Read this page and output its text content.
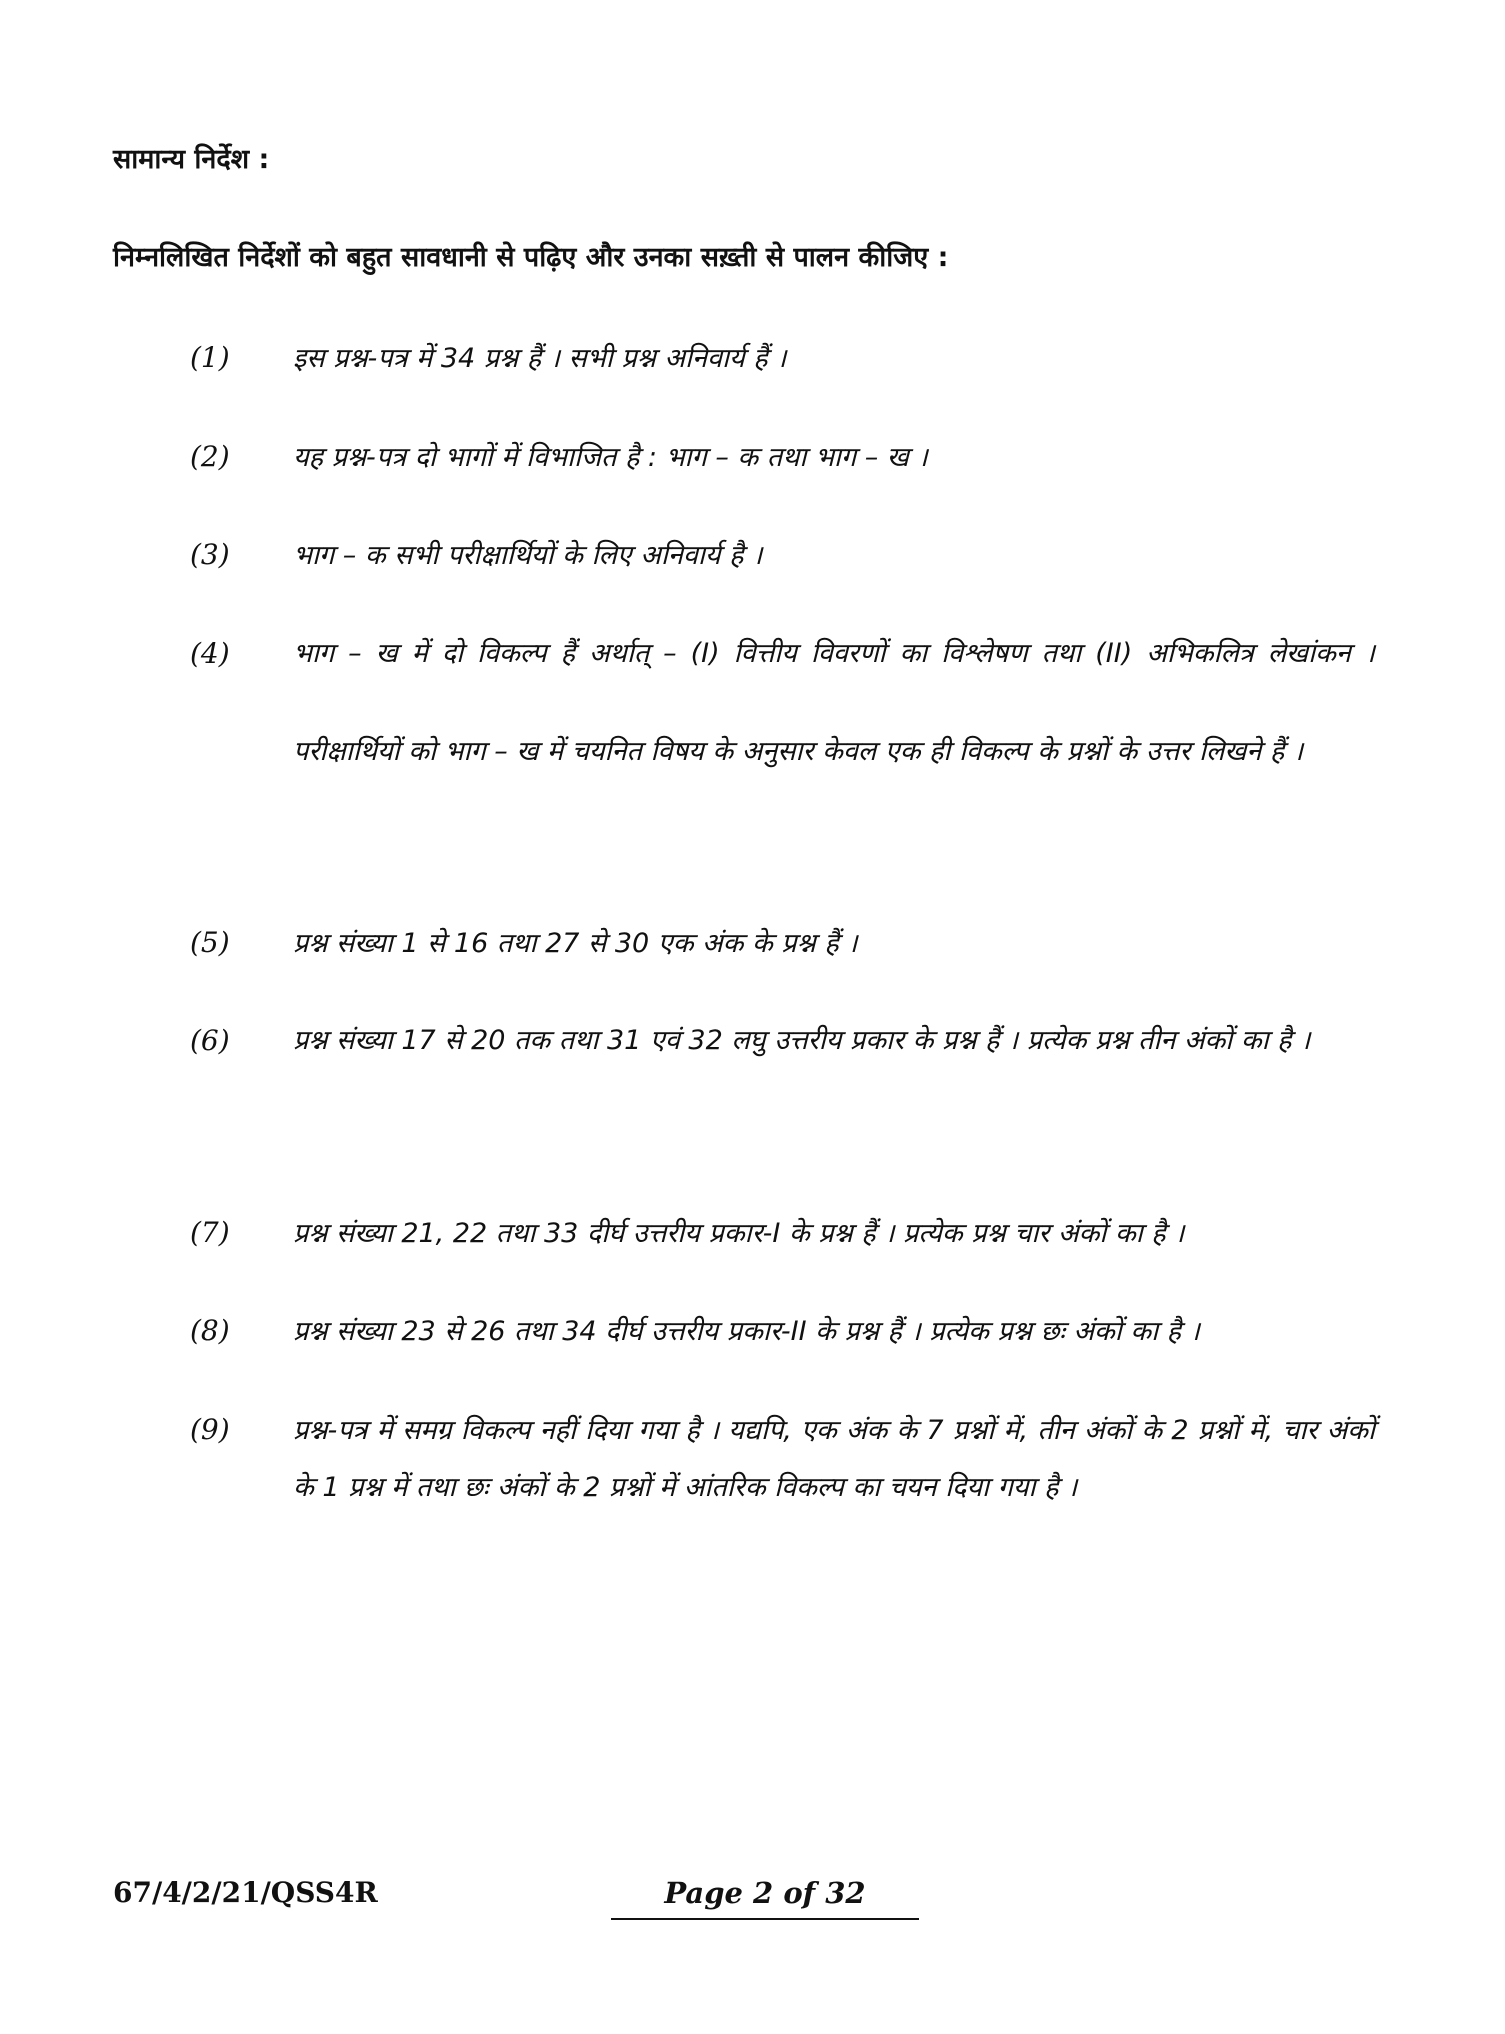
सामान्य निर्देश :
निम्नलिखित निर्देशों को बहुत सावधानी से पढ़िए और उनका सख़्ती से पालन कीजिए :
(1) इस प्रश्न-पत्र में 34 प्रश्न हैं । सभी प्रश्न अनिवार्य हैं ।
(2) यह प्रश्न-पत्र दो भागों में विभाजित है : भाग – क तथा भाग – ख ।
(3) भाग – क सभी परीक्षार्थियों के लिए अनिवार्य है ।
(4) भाग – ख में दो विकल्प हैं अर्थात् – (I) वित्तीय विवरणों का विश्लेषण तथा (II) अभिकलित्र लेखांकन । परीक्षार्थियों को भाग – ख में चयनित विषय के अनुसार केवल एक ही विकल्प के प्रश्नों के उत्तर लिखने हैं ।
(5) प्रश्न संख्या 1 से 16 तथा 27 से 30 एक अंक के प्रश्न हैं ।
(6) प्रश्न संख्या 17 से 20 तक तथा 31 एवं 32 लघु उत्तरीय प्रकार के प्रश्न हैं । प्रत्येक प्रश्न तीन अंकों का है ।
(7) प्रश्न संख्या 21, 22 तथा 33 दीर्घ उत्तरीय प्रकार-I के प्रश्न हैं । प्रत्येक प्रश्न चार अंकों का है ।
(8) प्रश्न संख्या 23 से 26 तथा 34 दीर्घ उत्तरीय प्रकार-II के प्रश्न हैं । प्रत्येक प्रश्न छः अंकों का है ।
(9) प्रश्न-पत्र में समग्र विकल्प नहीं दिया गया है । यद्यपि, एक अंक के 7 प्रश्नों में, तीन अंकों के 2 प्रश्नों में, चार अंकों के 1 प्रश्न में तथा छः अंकों के 2 प्रश्नों में आंतरिक विकल्प का चयन दिया गया है ।
67/4/2/21/QSS4R	Page 2 of 32
